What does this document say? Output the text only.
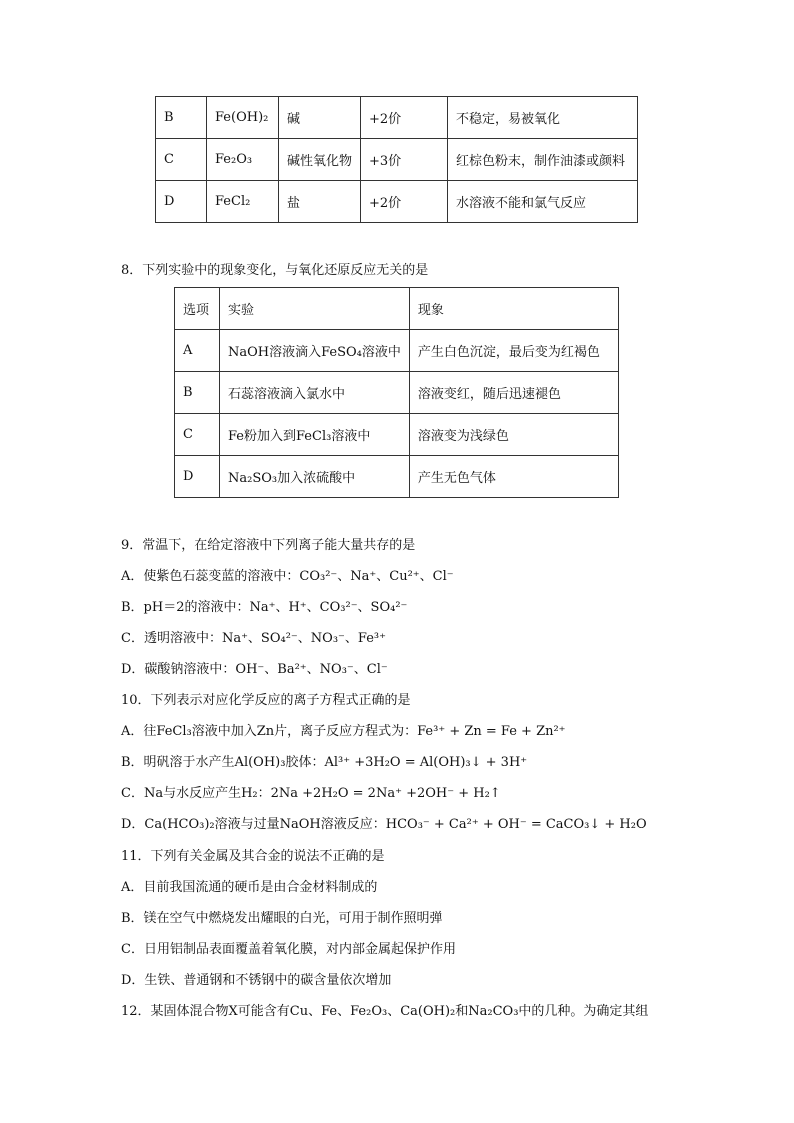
B	Fe(OH)₂	碱	+2价	不稳定，易被氧化
C	Fe₂O₃	碱性氧化物	+3价	红棕色粉末，制作油漆或颜料
D	FeCl₂	盐	+2价	水溶液不能和氯气反应
8．下列实验中的现象变化，与氧化还原反应无关的是
选项	实验	现象
A	NaOH溶液滴入FeSO₄溶液中	产生白色沉淀，最后变为红褐色
B	石蕊溶液滴入氯水中	溶液变红，随后迅速褪色
C	Fe粉加入到FeCl₃溶液中	溶液变为浅绿色
D	Na₂SO₃加入浓硫酸中	产生无色气体
9．常温下，在给定溶液中下列离子能大量共存的是
A．使紫色石蕊变蓝的溶液中：CO₃²⁻、Na⁺、Cu²⁺、Cl⁻
B．pH＝2的溶液中：Na⁺、H⁺、CO₃²⁻、SO₄²⁻
C．透明溶液中：Na⁺、SO₄²⁻、NO₃⁻、Fe³⁺
D．碳酸钠溶液中：OH⁻、Ba²⁺、NO₃⁻、Cl⁻
10．下列表示对应化学反应的离子方程式正确的是
A．往FeCl₃溶液中加入Zn片，离子反应方程式为：Fe³⁺ + Zn = Fe + Zn²⁺
B．明矾溶于水产生Al(OH)₃胶体：Al³⁺ +3H₂O = Al(OH)₃↓ + 3H⁺
C．Na与水反应产生H₂：2Na +2H₂O = 2Na⁺ +2OH⁻ + H₂↑
D．Ca(HCO₃)₂溶液与过量NaOH溶液反应：HCO₃⁻ + Ca²⁺ + OH⁻ = CaCO₃↓ + H₂O
11．下列有关金属及其合金的说法不正确的是
A．目前我国流通的硬币是由合金材料制成的
B．镁在空气中燃烧发出耀眼的白光，可用于制作照明弹
C．日用铝制品表面覆盖着氧化膜，对内部金属起保护作用
D．生铁、普通钢和不锈钢中的碳含量依次增加
12．某固体混合物X可能含有Cu、Fe、Fe₂O₃、Ca(OH)₂和Na₂CO₃中的几种。为确定其组
